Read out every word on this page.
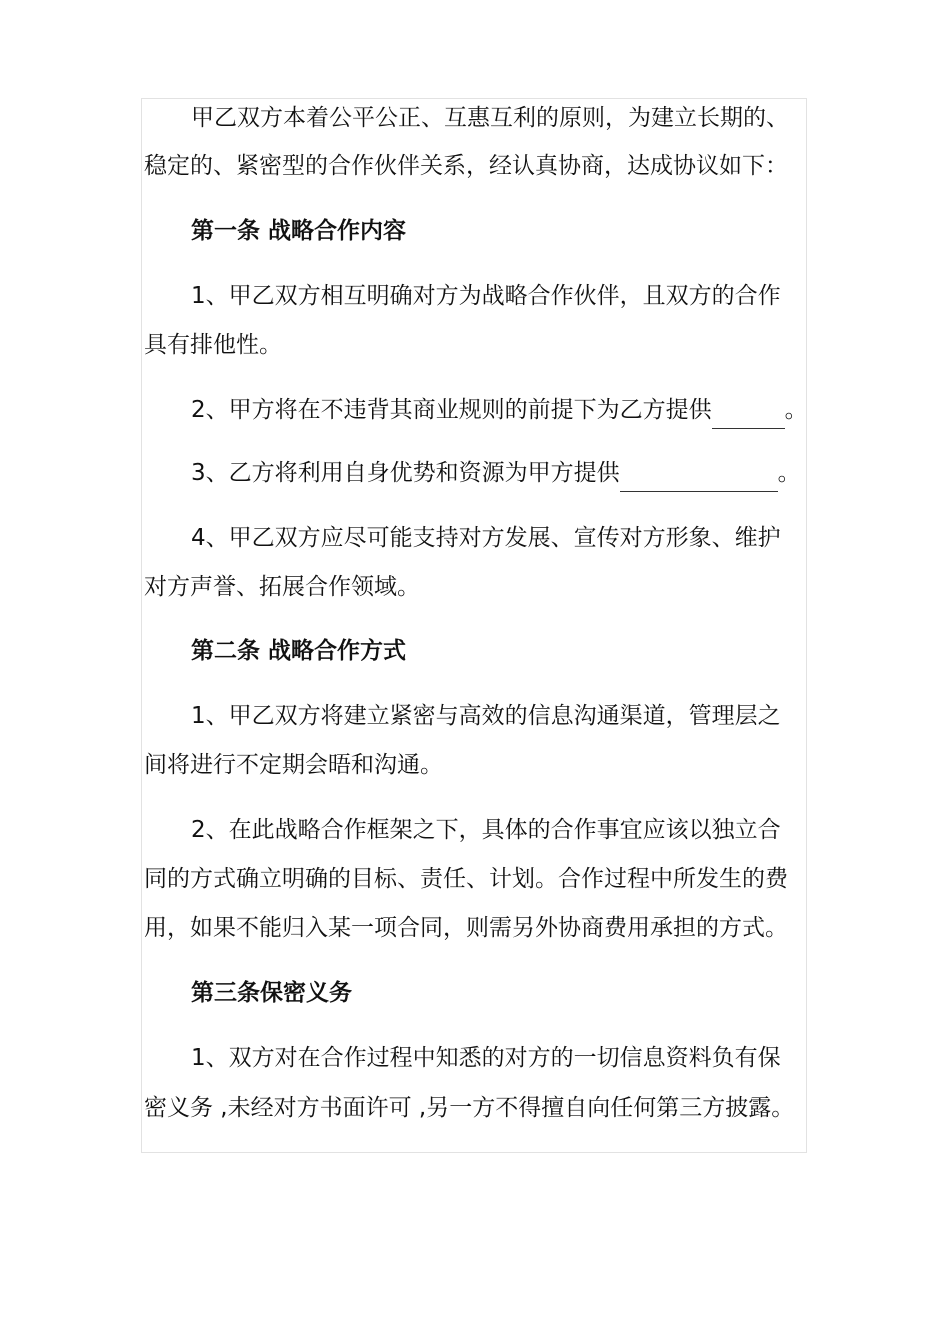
甲乙双方本着公平公正、互惠互利的原则，为建立长期的、
稳定的、紧密型的合作伙伴关系，经认真协商，达成协议如下：
第一条 战略合作内容
1、甲乙双方相互明确对方为战略合作伙伴，且双方的合作
具有排他性。
2、甲方将在不违背其商业规则的前提下为乙方提供	。
3、乙方将利用自身优势和资源为甲方提供	。
4、甲乙双方应尽可能支持对方发展、宣传对方形象、维护
对方声誉、拓展合作领域。
第二条 战略合作方式
1、甲乙双方将建立紧密与高效的信息沟通渠道，管理层之
间将进行不定期会晤和沟通。
2、在此战略合作框架之下，具体的合作事宜应该以独立合
同的方式确立明确的目标、责任、计划。合作过程中所发生的费
用，如果不能归入某一项合同，则需另外协商费用承担的方式。
第三条保密义务
1、双方对在合作过程中知悉的对方的一切信息资料负有保
密义务 ,未经对方书面许可 ,另一方不得擅自向任何第三方披露。
